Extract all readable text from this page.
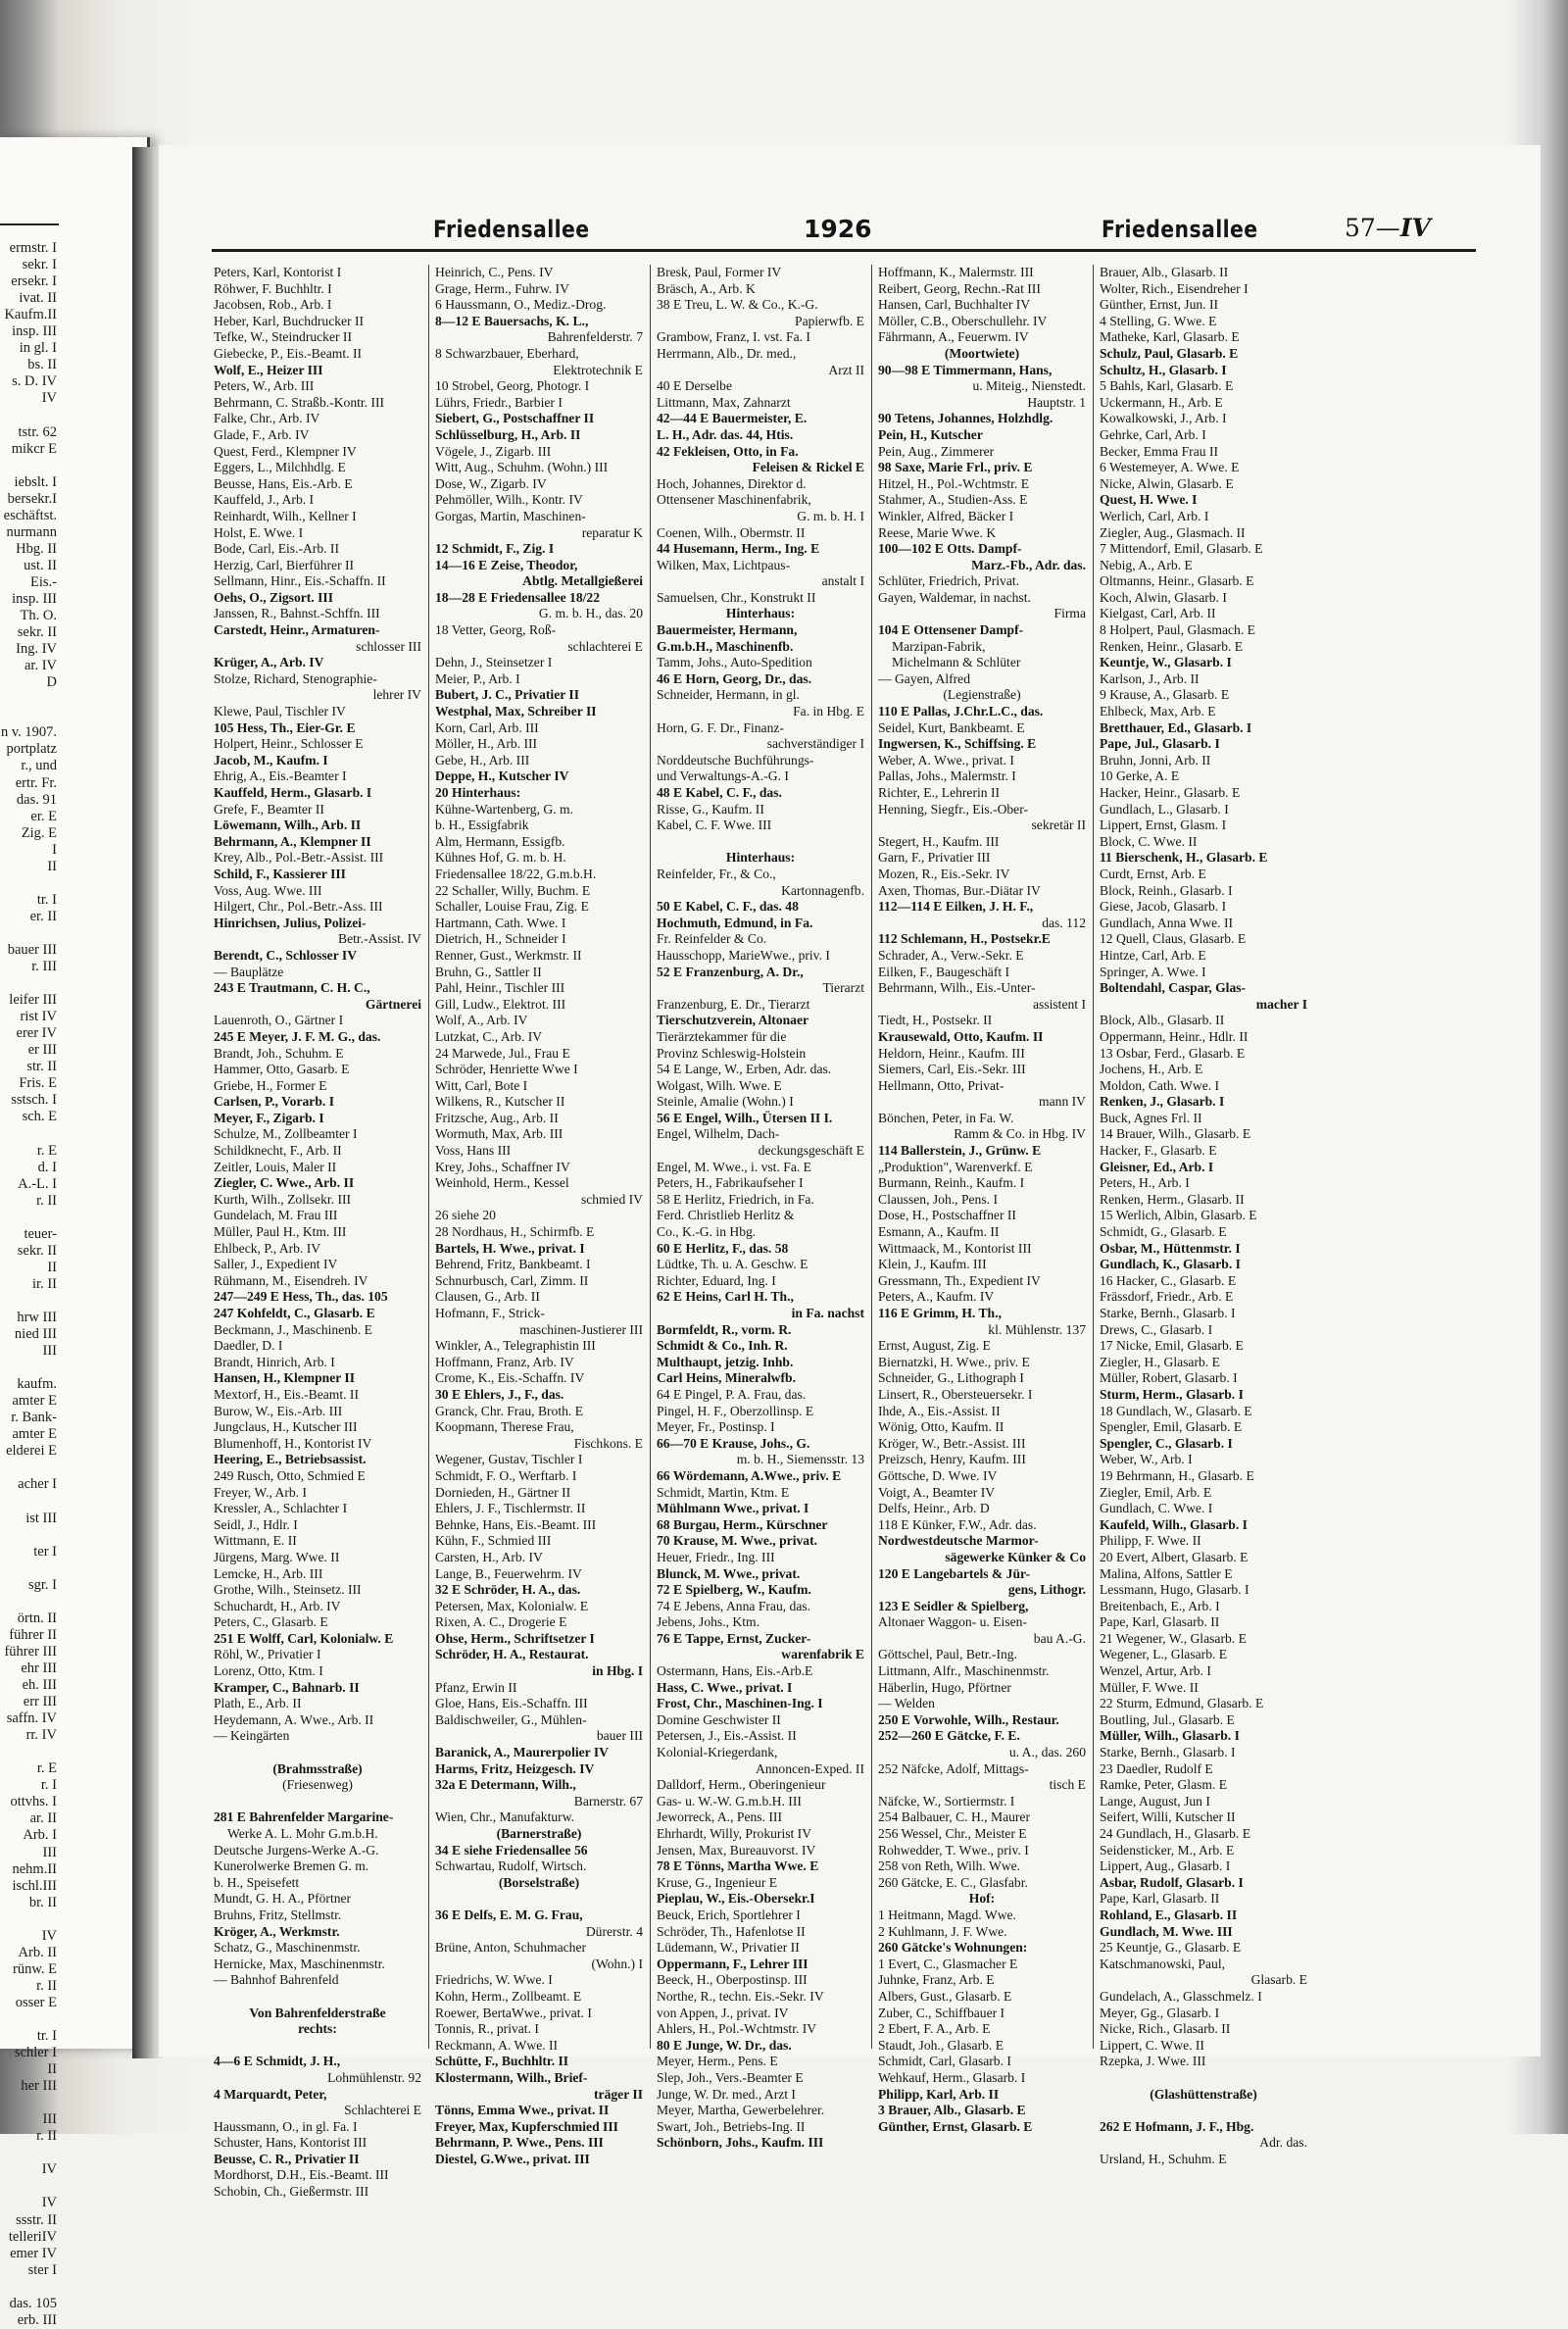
ermstr. I
sekr. I
ersekr. I
ivat. II
Kaufm.II
insp. III
in gl. I
bs. II
s. D. IV
IV

tstr. 62
mikcr E

iebslt. I
bersekr.I
eschäftst.
nurmann
Hbg. II
ust. II
Eis.-
insp. III
Th. O.
sekr. II
Ing. IV
ar. IV
D

n v. 1907.
portplatz
r., und
ertr. Fr.
das. 91
er. E
Zig. E
I
II

tr. I
er. II

bauer III
r. III

leifer III
rist IV
erer IV
er III
str. II
Fris. E
sstsch. I
sch. E

r. E
d. I
A.-L. I
r. II

teuer-
sekr. II
II
ir. II

hrw III
nied III
III

kaufm.
amter E
r. Bank-
amter E
elderei E

acher I

ist III

ter I

sgr. I

örtn. II
führer II
führer III
ehr III
eh. III
err III
saffn. IV
rr. IV

r. E
r. I
ottvhs. I
ar. II
Arb. I
III
nehm.II
ischl.III
br. II

IV
Arb. II
rünw. E
r. II
osser E

tr. I
schler I
II
her III

III
r. II

IV

IV
ssstr. II
telleriIV
emer IV
ster I

das. 105
erb. III
Friedensallee	1926	Friedensallee	57—IV
Peters, Karl, Kontorist I
Röhwer, F. Buchhltr. I
Jacobsen, Rob., Arb. I
Heber, Karl, Buchdrucker II
Tefke, W., Steindrucker II
Giebecke, P., Eis.-Beamt. II
Wolf, E., Heizer III
Peters, W., Arb. III
Behrmann, C. Straßb.-Kontr. III
Falke, Chr., Arb. IV
Glade, F., Arb. IV
Quest, Ferd., Klempner IV
Eggers, L., Milchhdlg. E
Beusse, Hans, Eis.-Arb. E
Kauffeld, J., Arb. I
Reinhardt, Wilh., Kellner I
Holst, E. Wwe. I
Bode, Carl, Eis.-Arb. II
Herzig, Carl, Bierführer II
Sellmann, Hinr., Eis.-Schaffn. II
Oehs, O., Zigsort. III
Janssen, R., Bahnst.-Schffn. III
Carstedt, Heinr., Armaturen-
schlosser III
Krüger, A., Arb. IV
Stolze, Richard, Stenographie-
lehrer IV
Klewe, Paul, Tischler IV
105 Hess, Th., Eier-Gr. E
Holpert, Heinr., Schlosser E
Jacob, M., Kaufm. I
Ehrig, A., Eis.-Beamter I
Kauffeld, Herm., Glasarb. I
Grefe, F., Beamter II
Löwemann, Wilh., Arb. II
Behrmann, A., Klempner II
Krey, Alb., Pol.-Betr.-Assist. III
Schild, F., Kassierer III
Voss, Aug. Wwe. III
Hilgert, Chr., Pol.-Betr.-Ass. III
Hinrichsen, Julius, Polizei-
Betr.-Assist. IV
Berendt, C., Schlosser IV
— Bauplätze
243 E Trautmann, C. H. C.,
Gärtnerei
Lauenroth, O., Gärtner I
245 E Meyer, J. F. M. G., das.
Brandt, Joh., Schuhm. E
Hammer, Otto, Gasarb. E
Griebe, H., Former E
Carlsen, P., Vorarb. I
Meyer, F., Zigarb. I
Schulze, M., Zollbeamter I
Schildknecht, F., Arb. II
Zeitler, Louis, Maler II
Ziegler, C. Wwe., Arb. II
Kurth, Wilh., Zollsekr. III
Gundelach, M. Frau III
Müller, Paul H., Ktm. III
Ehlbeck, P., Arb. IV
Saller, J., Expedient IV
Rühmann, M., Eisendreh. IV
247—249 E Hess, Th., das. 105
247 Kohfeldt, C., Glasarb. E
Beckmann, J., Maschinenb. E
Daedler, D. I
Brandt, Hinrich, Arb. I
Hansen, H., Klempner II
Mextorf, H., Eis.-Beamt. II
Burow, W., Eis.-Arb. III
Jungclaus, H., Kutscher III
Blumenhoff, H., Kontorist IV
Heering, E., Betriebsassist.
249 Rusch, Otto, Schmied E
Freyer, W., Arb. I
Kressler, A., Schlachter I
Seidl, J., Hdlr. I
Wittmann, E. II
Jürgens, Marg. Wwe. II
Lemcke, H., Arb. III
Grothe, Wilh., Steinsetz. III
Schuchardt, H., Arb. IV
Peters, C., Glasarb. E
251 E Wolff, Carl, Kolonialw. E
Röhl, W., Privatier I
Lorenz, Otto, Ktm. I
Kramper, C., Bahnarb. II
Plath, E., Arb. II
Heydemann, A. Wwe., Arb. II
— Keingärten

(Brahmsstraße)
(Friesenweg)

281 E Bahrenfelder Margarine-
Werke A. L. Mohr G.m.b.H.
Deutsche Jurgens-Werke A.-G.
Kunerolwerke Bremen G. m.
b. H., Speisefett
Mundt, G. H. A., Pförtner
Bruhns, Fritz, Stellmstr.
Kröger, A., Werkmstr.
Schatz, G., Maschinenmstr.
Hernicke, Max, Maschinenmstr.
— Bahnhof Bahrenfeld

Von Bahrenfelderstraße
rechts:

4—6 E Schmidt, J. H.,
Lohmühlenstr. 92
4 Marquardt, Peter,
Schlachterei E
Haussmann, O., in gl. Fa. I
Schuster, Hans, Kontorist III
Beusse, C. R., Privatier II
Mordhorst, D.H., Eis.-Beamt. III
Schobin, Ch., Gießermstr. III
Heinrich, C., Pens. IV
Grage, Herm., Fuhrw. IV
6 Haussmann, O., Mediz.-Drog.
8—12 E Bauersachs, K. L.,
Bahrenfelderstr. 7
8 Schwarzbauer, Eberhard,
Elektrotechnik E
10 Strobel, Georg, Photogr. I
Lührs, Friedr., Barbier I
Siebert, G., Postschaffner II
Schlüsselburg, H., Arb. II
Vögele, J., Zigarb. III
Witt, Aug., Schuhm. (Wohn.) III
Dose, W., Zigarb. IV
Pehmöller, Wilh., Kontr. IV
Gorgas, Martin, Maschinen-
reparatur K
12 Schmidt, F., Zig. I
14—16 E Zeise, Theodor,
Abtlg. Metallgießerei
18—28 E Friedensallee 18/22
G. m. b. H., das. 20
18 Vetter, Georg, Roß-
schlachterei E
Dehn, J., Steinsetzer I
Meier, P., Arb. I
Bubert, J. C., Privatier II
Westphal, Max, Schreiber II
Korn, Carl, Arb. III
Möller, H., Arb. III
Gebe, H., Arb. III
Deppe, H., Kutscher IV
20 Hinterhaus:
Kühne-Wartenberg, G. m.
b. H., Essigfabrik
Alm, Hermann, Essigfb.
Kühnes Hof, G. m. b. H.
Friedensallee 18/22, G.m.b.H.
22 Schaller, Willy, Buchm. E
Schaller, Louise Frau, Zig. E
Hartmann, Cath. Wwe. I
Dietrich, H., Schneider I
Renner, Gust., Werkmstr. II
Bruhn, G., Sattler II
Pahl, Heinr., Tischler III
Gill, Ludw., Elektrot. III
Wolf, A., Arb. IV
Lutzkat, C., Arb. IV
24 Marwede, Jul., Frau E
Schröder, Henriette Wwe I
Witt, Carl, Bote I
Wilkens, R., Kutscher II
Fritzsche, Aug., Arb. II
Wormuth, Max, Arb. III
Voss, Hans III
Krey, Johs., Schaffner IV
Weinhold, Herm., Kessel
schmied IV
26 siehe 20
28 Nordhaus, H., Schirmfb. E
Bartels, H. Wwe., privat. I
Behrend, Fritz, Bankbeamt. I
Schnurbusch, Carl, Zimm. II
Clausen, G., Arb. II
Hofmann, F., Strick-
maschinen-Justierer III
Winkler, A., Telegraphistin III
Hoffmann, Franz, Arb. IV
Crome, K., Eis.-Schaffn. IV
30 E Ehlers, J., F., das.
Granck, Chr. Frau, Broth. E
Koopmann, Therese Frau,
Fischkons. E
Wegener, Gustav, Tischler I
Schmidt, F. O., Werftarb. I
Dornieden, H., Gärtner II
Ehlers, J. F., Tischlermstr. II
Behnke, Hans, Eis.-Beamt. III
Kühn, F., Schmied III
Carsten, H., Arb. IV
Lange, B., Feuerwehrm. IV
32 E Schröder, H. A., das.
Petersen, Max, Kolonialw. E
Rixen, A. C., Drogerie E
Ohse, Herm., Schriftsetzer I
Schröder, H. A., Restaurat.
in Hbg. I
Pfanz, Erwin II
Gloe, Hans, Eis.-Schaffn. III
Baldischweiler, G., Mühlen-
bauer III
Baranick, A., Maurerpolier IV
Harms, Fritz, Heizgesch. IV
32a E Determann, Wilh.,
Barnerstr. 67
Wien, Chr., Manufakturw.
(Barnerstraße)
34 E siehe Friedensallee 56
Schwartau, Rudolf, Wirtsch.
(Borselstraße)

36 E Delfs, E. M. G. Frau,
Dürerstr. 4
Brüne, Anton, Schuhmacher
(Wohn.) I
Friedrichs, W. Wwe. I
Kohn, Herm., Zollbeamt. E
Roewer, BertaWwe., privat. I
Tonnis, R., privat. I
Reckmann, A. Wwe. II
Schütte, F., Buchhltr. II
Klostermann, Wilh., Brief-
träger II
Tönns, Emma Wwe., privat. II
Freyer, Max, Kupferschmied III
Behrmann, P. Wwe., Pens. III
Diestel, G.Wwe., privat. III
Bresk, Paul, Former IV
Bräsch, A., Arb. K
38 E Treu, L. W. & Co., K.-G.
Papierwfb. E
Grambow, Franz, I. vst. Fa. I
Herrmann, Alb., Dr. med.,
Arzt II
40 E Derselbe
Littmann, Max, Zahnarzt
42—44 E Bauermeister, E.
L. H., Adr. das. 44, Htis.
42 Fekleisen, Otto, in Fa.
Feleisen & Rickel E
Hoch, Johannes, Direktor d.
Ottensener Maschinenfabrik,
G. m. b. H. I
Coenen, Wilh., Obermstr. II
44 Husemann, Herm., Ing. E
Wilken, Max, Lichtpaus-
anstalt I
Samuelsen, Chr., Konstrukt II
Hinterhaus:
Bauermeister, Hermann,
G.m.b.H., Maschinenfb.
Tamm, Johs., Auto-Spedition
46 E Horn, Georg, Dr., das.
Schneider, Hermann, in gl.
Fa. in Hbg. E
Horn, G. F. Dr., Finanz-
sachverständiger I
Norddeutsche Buchführungs-
und Verwaltungs-A.-G. I
48 E Kabel, C. F., das.
Risse, G., Kaufm. II
Kabel, C. F. Wwe. III

Hinterhaus:
Reinfelder, Fr., & Co.,
Kartonnagenfb.
50 E Kabel, C. F., das. 48
Hochmuth, Edmund, in Fa.
Fr. Reinfelder & Co.
Hausschopp, MarieWwe., priv. I
52 E Franzenburg, A. Dr.,
Tierarzt
Franzenburg, E. Dr., Tierarzt
Tierschutzverein, Altonaer
Tierärztekammer für die
Provinz Schleswig-Holstein
54 E Lange, W., Erben, Adr. das.
Wolgast, Wilh. Wwe. E
Steinle, Amalie (Wohn.) I
56 E Engel, Wilh., Ütersen II I.
Engel, Wilhelm, Dach-
deckungsgeschäft E
Engel, M. Wwe., i. vst. Fa. E
Peters, H., Fabrikaufseher I
58 E Herlitz, Friedrich, in Fa.
Ferd. Christlieb Herlitz &
Co., K.-G. in Hbg.
60 E Herlitz, F., das. 58
Lüdtke, Th. u. A. Geschw. E
Richter, Eduard, Ing. I
62 E Heins, Carl H. Th.,
in Fa. nachst
Bormfeldt, R., vorm. R.
Schmidt & Co., Inh. R.
Multhaupt, jetzig. Inhb.
Carl Heins, Mineralwfb.
64 E Pingel, P. A. Frau, das.
Pingel, H. F., Oberzollinsp. E
Meyer, Fr., Postinsp. I
66—70 E Krause, Johs., G.
m. b. H., Siemensstr. 13
66 Wördemann, A.Wwe., priv. E
Schmidt, Martin, Ktm. E
Mühlmann Wwe., privat. I
68 Burgau, Herm., Kürschner
70 Krause, M. Wwe., privat.
Heuer, Friedr., Ing. III
Blunck, M. Wwe., privat.
72 E Spielberg, W., Kaufm.
74 E Jebens, Anna Frau, das.
Jebens, Johs., Ktm.
76 E Tappe, Ernst, Zucker-
warenfabrik E
Ostermann, Hans, Eis.-Arb.E
Hass, C. Wwe., privat. I
Frost, Chr., Maschinen-Ing. I
Domine Geschwister II
Petersen, J., Eis.-Assist. II
Kolonial-Kriegerdank,
Annoncen-Exped. II
Dalldorf, Herm., Oberingenieur
Gas- u. W.-W. G.m.b.H. III
Jeworreck, A., Pens. III
Ehrhardt, Willy, Prokurist IV
Jensen, Max, Bureauvorst. IV
78 E Tönns, Martha Wwe. E
Kruse, G., Ingenieur E
Pieplau, W., Eis.-Obersekr.I
Beuck, Erich, Sportlehrer I
Schröder, Th., Hafenlotse II
Lüdemann, W., Privatier II
Oppermann, F., Lehrer III
Beeck, H., Oberpostinsp. III
Northe, R., techn. Eis.-Sekr. IV
von Appen, J., privat. IV
Ahlers, H., Pol.-Wchtmstr. IV
80 E Junge, W. Dr., das.
Meyer, Herm., Pens. E
Slep, Joh., Vers.-Beamter E
Junge, W. Dr. med., Arzt I
Meyer, Martha, Gewerbelehrer.
Swart, Joh., Betriebs-Ing. II
Schönborn, Johs., Kaufm. III
Hoffmann, K., Malermstr. III
Reibert, Georg, Rechn.-Rat III
Hansen, Carl, Buchhalter IV
Möller, C.B., Oberschullehr. IV
Fährmann, A., Feuerwm. IV
(Moortwiete)
90—98 E Timmermann, Hans,
u. Miteig., Nienstedt.
Hauptstr. 1
90 Tetens, Johannes, Holzhdlg.
Pein, H., Kutscher
Pein, Aug., Zimmerer
98 Saxe, Marie Frl., priv. E
Hitzel, H., Pol.-Wchtmstr. E
Stahmer, A., Studien-Ass. E
Winkler, Alfred, Bäcker I
Reese, Marie Wwe. K
100—102 E Otts. Dampf-
Marz.-Fb., Adr. das.
Schlüter, Friedrich, Privat.
Gayen, Waldemar, in nachst.
Firma
104 E Ottensener Dampf-
Marzipan-Fabrik,
Michelmann & Schlüter
— Gayen, Alfred
(Legienstraße)
110 E Pallas, J.Chr.L.C., das.
Seidel, Kurt, Bankbeamt. E
Ingwersen, K., Schiffsing. E
Weber, A. Wwe., privat. I
Pallas, Johs., Malermstr. I
Richter, E., Lehrerin II
Henning, Siegfr., Eis.-Ober-
sekretär II
Stegert, H., Kaufm. III
Garn, F., Privatier III
Mozen, R., Eis.-Sekr. IV
Axen, Thomas, Bur.-Diätar IV
112—114 E Eilken, J. H. F.,
das. 112
112 Schlemann, H., Postsekr.E
Schrader, A., Verw.-Sekr. E
Eilken, F., Baugeschäft I
Behrmann, Wilh., Eis.-Unter-
assistent I
Tiedt, H., Postsekr. II
Krausewald, Otto, Kaufm. II
Heldorn, Heinr., Kaufm. III
Siemers, Carl, Eis.-Sekr. III
Hellmann, Otto, Privat-
mann IV
Bönchen, Peter, in Fa. W.
Ramm & Co. in Hbg. IV
114 Ballerstein, J., Grünw. E
„Produktion", Warenverkf. E
Burmann, Reinh., Kaufm. I
Claussen, Joh., Pens. I
Dose, H., Postschaffner II
Esmann, A., Kaufm. II
Wittmaack, M., Kontorist III
Klein, J., Kaufm. III
Gressmann, Th., Expedient IV
Peters, A., Kaufm. IV
116 E Grimm, H. Th.,
kl. Mühlenstr. 137
Ernst, August, Zig. E
Biernatzki, H. Wwe., priv. E
Schneider, G., Lithograph I
Linsert, R., Obersteuersekr. I
Ihde, A., Eis.-Assist. II
Wönig, Otto, Kaufm. II
Kröger, W., Betr.-Assist. III
Preizsch, Henry, Kaufm. III
Göttsche, D. Wwe. IV
Voigt, A., Beamter IV
Delfs, Heinr., Arb. D
118 E Künker, F.W., Adr. das.
Nordwestdeutsche Marmor-
sägewerke Künker & Co
120 E Langebartels & Jür-
gens, Lithogr.
123 E Seidler & Spielberg,
Altonaer Waggon- u. Eisen-
bau A.-G.
Göttschel, Paul, Betr.-Ing.
Littmann, Alfr., Maschinenmstr.
Häberlin, Hugo, Pförtner
— Welden
250 E Vorwohle, Wilh., Restaur.
252—260 E Gätcke, F. E.
u. A., das. 260
252 Näfcke, Adolf, Mittags-
tisch E
Näfcke, W., Sortiermstr. I
254 Balbauer, C. H., Maurer
256 Wessel, Chr., Meister E
Rohwedder, T. Wwe., priv. I
258 von Reth, Wilh. Wwe.
260 Gätcke, E. C., Glasfabr.
Hof:
1 Heitmann, Magd. Wwe.
2 Kuhlmann, J. F. Wwe.
260 Gätcke's Wohnungen:
1 Evert, C., Glasmacher E
Juhnke, Franz, Arb. E
Albers, Gust., Glasarb. E
Zuber, C., Schiffbauer I
2 Ebert, F. A., Arb. E
Staudt, Joh., Glasarb. E
Schmidt, Carl, Glasarb. I
Wehkauf, Herm., Glasarb. I
Philipp, Karl, Arb. II
3 Brauer, Alb., Glasarb. E
Günther, Ernst, Glasarb. E
Brauer, Alb., Glasarb. II
Wolter, Rich., Eisendreher I
Günther, Ernst, Jun. II
4 Stelling, G. Wwe. E
Matheke, Karl, Glasarb. E
Schulz, Paul, Glasarb. E
Schultz, H., Glasarb. I
5 Bahls, Karl, Glasarb. E
Uckermann, H., Arb. E
Kowalkowski, J., Arb. I
Gehrke, Carl, Arb. I
Becker, Emma Frau II
6 Westemeyer, A. Wwe. E
Nicke, Alwin, Glasarb. E
Quest, H. Wwe. I
Werlich, Carl, Arb. I
Ziegler, Aug., Glasmach. II
7 Mittendorf, Emil, Glasarb. E
Nebig, A., Arb. E
Oltmanns, Heinr., Glasarb. E
Koch, Alwin, Glasarb. I
Kielgast, Carl, Arb. II
8 Holpert, Paul, Glasmach. E
Renken, Heinr., Glasarb. E
Keuntje, W., Glasarb. I
Karlson, J., Arb. II
9 Krause, A., Glasarb. E
Ehlbeck, Max, Arb. E
Bretthauer, Ed., Glasarb. I
Pape, Jul., Glasarb. I
Bruhn, Jonni, Arb. II
10 Gerke, A. E
Hacker, Heinr., Glasarb. E
Gundlach, L., Glasarb. I
Lippert, Ernst, Glasm. I
Block, C. Wwe. II
11 Bierschenk, H., Glasarb. E
Curdt, Ernst, Arb. E
Block, Reinh., Glasarb. I
Giese, Jacob, Glasarb. I
Gundlach, Anna Wwe. II
12 Quell, Claus, Glasarb. E
Hintze, Carl, Arb. E
Springer, A. Wwe. I
Boltendahl, Caspar, Glas-
macher I
Block, Alb., Glasarb. II
Oppermann, Heinr., Hdlr. II
13 Osbar, Ferd., Glasarb. E
Jochens, H., Arb. E
Moldon, Cath. Wwe. I
Renken, J., Glasarb. I
Buck, Agnes Frl. II
14 Brauer, Wilh., Glasarb. E
Hacker, F., Glasarb. E
Gleisner, Ed., Arb. I
Peters, H., Arb. I
Renken, Herm., Glasarb. II
15 Werlich, Albin, Glasarb. E
Schmidt, G., Glasarb. E
Osbar, M., Hüttenmstr. I
Gundlach, K., Glasarb. I
16 Hacker, C., Glasarb. E
Frässdorf, Friedr., Arb. E
Starke, Bernh., Glasarb. I
Drews, C., Glasarb. I
17 Nicke, Emil, Glasarb. E
Ziegler, H., Glasarb. E
Müller, Robert, Glasarb. I
Sturm, Herm., Glasarb. I
18 Gundlach, W., Glasarb. E
Spengler, Emil, Glasarb. E
Spengler, C., Glasarb. I
Weber, W., Arb. I
19 Behrmann, H., Glasarb. E
Ziegler, Emil, Arb. E
Gundlach, C. Wwe. I
Kaufeld, Wilh., Glasarb. I
Philipp, F. Wwe. II
20 Evert, Albert, Glasarb. E
Malina, Alfons, Sattler E
Lessmann, Hugo, Glasarb. I
Breitenbach, E., Arb. I
Pape, Karl, Glasarb. II
21 Wegener, W., Glasarb. E
Wegener, L., Glasarb. E
Wenzel, Artur, Arb. I
Müller, F. Wwe. II
22 Sturm, Edmund, Glasarb. E
Boutling, Jul., Glasarb. E
Müller, Wilh., Glasarb. I
Starke, Bernh., Glasarb. I
23 Daedler, Rudolf E
Ramke, Peter, Glasm. E
Lange, August, Jun I
Seifert, Willi, Kutscher II
24 Gundlach, H., Glasarb. E
Seidensticker, M., Arb. E
Lippert, Aug., Glasarb. I
Asbar, Rudolf, Glasarb. I
Pape, Karl, Glasarb. II
Rohland, E., Glasarb. II
Gundlach, M. Wwe. III
25 Keuntje, G., Glasarb. E
Katschmanowski, Paul,
Glasarb. E
Gundelach, A., Glasschmelz. I
Meyer, Gg., Glasarb. I
Nicke, Rich., Glasarb. II
Lippert, C. Wwe. II
Rzepka, J. Wwe. III

(Glashüttenstraße)

262 E Hofmann, J. F., Hbg.
Adr. das.
Ursland, H., Schuhm. E
